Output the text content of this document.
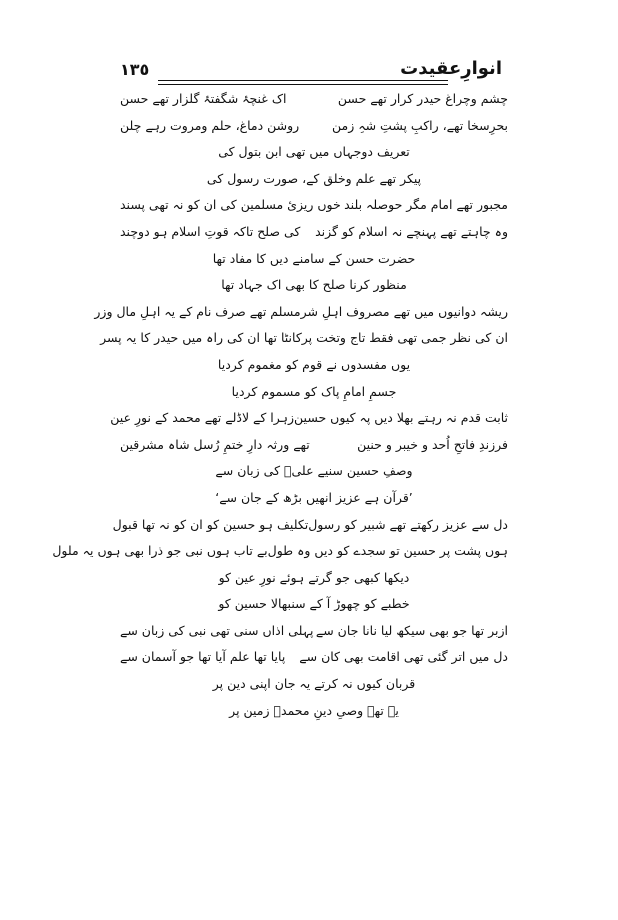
١٣٥	انوارِعقیدت
چشم وچراغ حیدر کرار تھے حسن
اک غنچۂ شگفتۂ گلزار تھے حسن
بحرِسخا تھے، راکبِ پشتِ شہِ زمن
روشن دماغ، حلم ومروت رہے چلن
تعریف دوجہاں میں تھی ابن بتول کی
پیکر تھے علم وخلق کے، صورت رسول کی
مجبور تھے امام مگر حوصلہ بلند
خوں ریزیٔ مسلمین کی ان کو نہ تھی پسند
وہ چاہتے تھے پہنچے نہ اسلام کو گزند
کی صلح تاکہ قوتِ اسلام ہو دوچند
حضرت حسن کے سامنے دیں کا مفاد تھا
منظور کرنا صلح کا بھی اک جہاد تھا
ریشہ دوانیوں میں تھے مصروف اہلِ شر
مسلم تھے صرف نام کے یہ اہلِ مال وزر
ان کی نظر جمی تھی فقط تاج وتخت پر
کانٹا تھا ان کی راہ میں حیدر کا یہ پسر
یوں مفسدوں نے قوم کو مغموم کردیا
جسمِ امامِ پاک کو مسموم کردیا
ثابت قدم نہ رہتے بھلا دیں پہ کیوں حسین
زہرا کے لاڈلے تھے محمد کے نورِ عین
فرزندِ فاتحِ اُحد و خیبر و حنین
تھے ورثہ دارِ ختمِ رُسل شاہ مشرقین
وصفِ حسین سنیے علیؑ کی زبان سے
’قرآن ہے عزیز انھیں بڑھ کے جان سے‘
دل سے عزیز رکھتے تھے شبیر کو رسول
تکلیف ہو حسین کو ان کو نہ تھا قبول
ہوں پشت پر حسین تو سجدے کو دیں وہ طول
بے تاب ہوں نبی جو ذرا بھی ہوں یہ ملول
دیکھا کبھی جو گرتے ہوئے نورِ عین کو
خطبے کو چھوڑ آ کے سنبھالا حسین کو
ازبر تھا جو بھی سیکھ لیا نانا جان سے
پہلی اذاں سنی تھی نبی کی زبان سے
دل میں اتر گئی تھی اقامت بھی کان سے
پایا تھا علم آیا تھا جو آسمان سے
قربان کیوں نہ کرتے یہ جان اپنی دین پر
یہ تھے وصیِ دینِ محمدؐ زمین پر
